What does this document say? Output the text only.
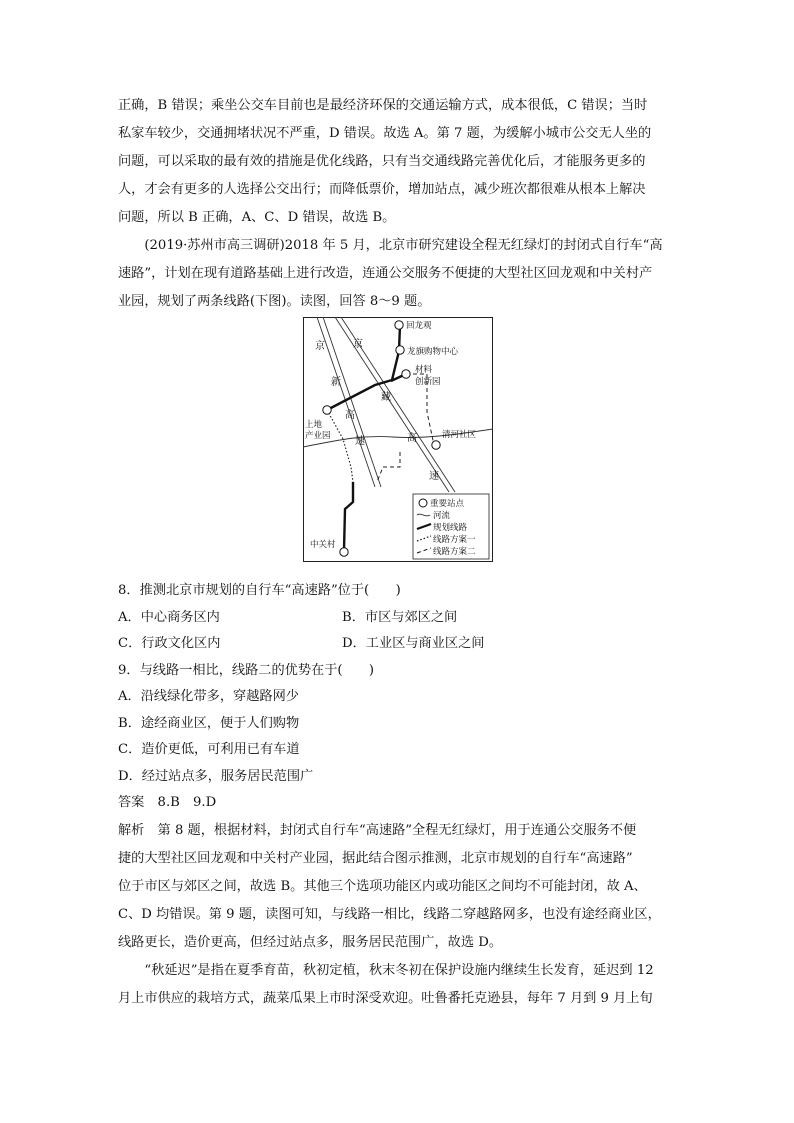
正确，B 错误；乘坐公交车目前也是最经济环保的交通运输方式，成本很低，C 错误；当时
私家车较少，交通拥堵状况不严重，D 错误。故选 A。第 7 题，为缓解小城市公交无人坐的
问题，可以采取的最有效的措施是优化线路，只有当交通线路完善优化后，才能服务更多的
人，才会有更多的人选择公交出行；而降低票价，增加站点，减少班次都很难从根本上解决
问题，所以 B 正确，A、C、D 错误，故选 B。
(2019·苏州市高三调研)2018 年 5 月，北京市研究建设全程无红绿灯的封闭式自行车“高
速路”，计划在现有道路基础上进行改造，连通公交服务不便捷的大型社区回龙观和中关村产
业园，规划了两条线路(下图)。读图，回答 8～9 题。

8．推测北京市规划的自行车“高速路”位于(　　)

A．中心商务区内	B．市区与郊区之间
C．行政文化区内	D．工业区与商业区之间

9．与线路一相比，线路二的优势在于(　　)

A．沿线绿化带多，穿越路网少

B．途经商业区，便于人们购物

C．造价更低，可利用已有车道

D．经过站点多，服务居民范围广

答案　8.B　9.D

解析　第 8 题，根据材料，封闭式自行车“高速路”全程无红绿灯，用于连通公交服务不便
捷的大型社区回龙观和中关村产业园，据此结合图示推测，北京市规划的自行车“高速路”
位于市区与郊区之间，故选 B。其他三个选项功能区内或功能区之间均不可能封闭，故 A、
C、D 均错误。第 9 题，读图可知，与线路一相比，线路二穿越路网多，也没有途经商业区，
线路更长，造价更高，但经过站点多，服务居民范围广，故选 D。
“秋延迟”是指在夏季育苗，秋初定植，秋末冬初在保护设施内继续生长发育，延迟到 12
月上市供应的栽培方式，蔬菜瓜果上市时深受欢迎。吐鲁番托克逊县，每年 7 月到 9 月上旬
回龙观
龙旗购物中心
材料
创新园
上地
产业园	清河社区
中关村
京
新
高
速
京
藏
高
速
重要站点
河流
规划线路
线路方案一
线路方案二
